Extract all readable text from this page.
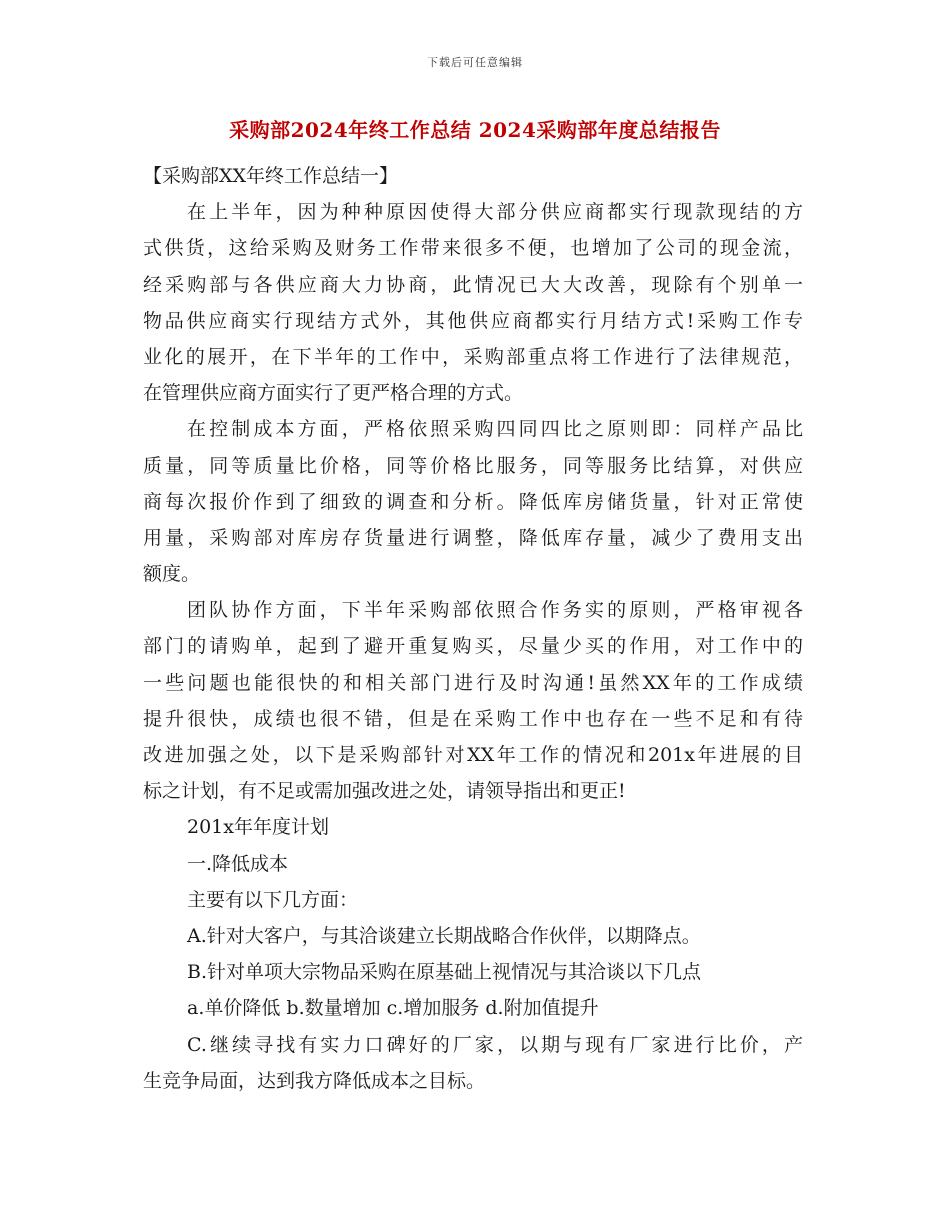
下载后可任意编辑
采购部2024年终工作总结 2024采购部年度总结报告
【采购部XX年终工作总结一】
在上半年，因为种种原因使得大部分供应商都实行现款现结的方
式供货，这给采购及财务工作带来很多不便，也增加了公司的现金流，
经采购部与各供应商大力协商，此情况已大大改善，现除有个别单一
物品供应商实行现结方式外，其他供应商都实行月结方式!采购工作专
业化的展开，在下半年的工作中，采购部重点将工作进行了法律规范，
在管理供应商方面实行了更严格合理的方式。
在控制成本方面，严格依照采购四同四比之原则即：同样产品比
质量，同等质量比价格，同等价格比服务，同等服务比结算，对供应
商每次报价作到了细致的调查和分析。降低库房储货量，针对正常使
用量，采购部对库房存货量进行调整，降低库存量，减少了费用支出
额度。
团队协作方面，下半年采购部依照合作务实的原则，严格审视各
部门的请购单，起到了避开重复购买，尽量少买的作用，对工作中的
一些问题也能很快的和相关部门进行及时沟通!虽然XX年的工作成绩
提升很快，成绩也很不错，但是在采购工作中也存在一些不足和有待
改进加强之处，以下是采购部针对XX年工作的情况和201x年进展的目
标之计划，有不足或需加强改进之处，请领导指出和更正!
201x年年度计划
一.降低成本
主要有以下几方面：
A.针对大客户，与其洽谈建立长期战略合作伙伴，以期降点。
B.针对单项大宗物品采购在原基础上视情况与其洽谈以下几点
a.单价降低 b.数量增加 c.增加服务 d.附加值提升
C.继续寻找有实力口碑好的厂家，以期与现有厂家进行比价，产
生竞争局面，达到我方降低成本之目标。
